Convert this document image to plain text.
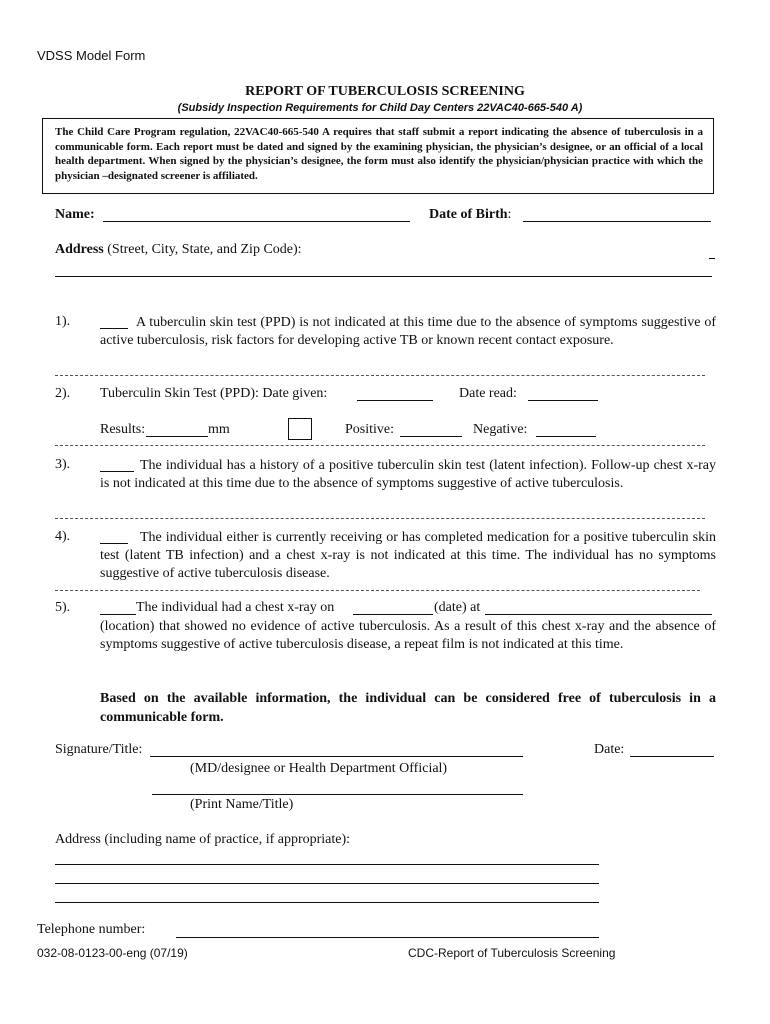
VDSS Model Form
REPORT OF TUBERCULOSIS SCREENING
(Subsidy Inspection Requirements for Child Day Centers 22VAC40-665-540 A)
The Child Care Program regulation, 22VAC40-665-540 A requires that staff submit a report indicating the absence of tuberculosis in a communicable form. Each report must be dated and signed by the examining physician, the physician’s designee, or an official of a local health department. When signed by the physician’s designee, the form must also identify the physician/physician practice with which the physician –designated screener is affiliated.
Name:	Date of Birth:
Address (Street, City, State, and Zip Code):
1).	A tuberculin skin test (PPD) is not indicated at this time due to the absence of symptoms suggestive of active tuberculosis, risk factors for developing active TB or known recent contact exposure.
2). Tuberculin Skin Test (PPD): Date given:	Date read:
Results:	mm	Positive:	Negative:
3).	The individual has a history of a positive tuberculin skin test (latent infection). Follow-up chest x-ray is not indicated at this time due to the absence of symptoms suggestive of active tuberculosis.
4).	The individual either is currently receiving or has completed medication for a positive tuberculin skin test (latent TB infection) and a chest x-ray is not indicated at this time. The individual has no symptoms suggestive of active tuberculosis disease.
5).	The individual had a chest x-ray on	(date) at
(location) that showed no evidence of active tuberculosis. As a result of this chest x-ray and the absence of symptoms suggestive of active tuberculosis disease, a repeat film is not indicated at this time.
Based on the available information, the individual can be considered free of tuberculosis in a communicable form.
Signature/Title:	Date:
(MD/designee or Health Department Official)
(Print Name/Title)
Address (including name of practice, if appropriate):
Telephone number:
032-08-0123-00-eng (07/19)	CDC-Report of Tuberculosis Screening
